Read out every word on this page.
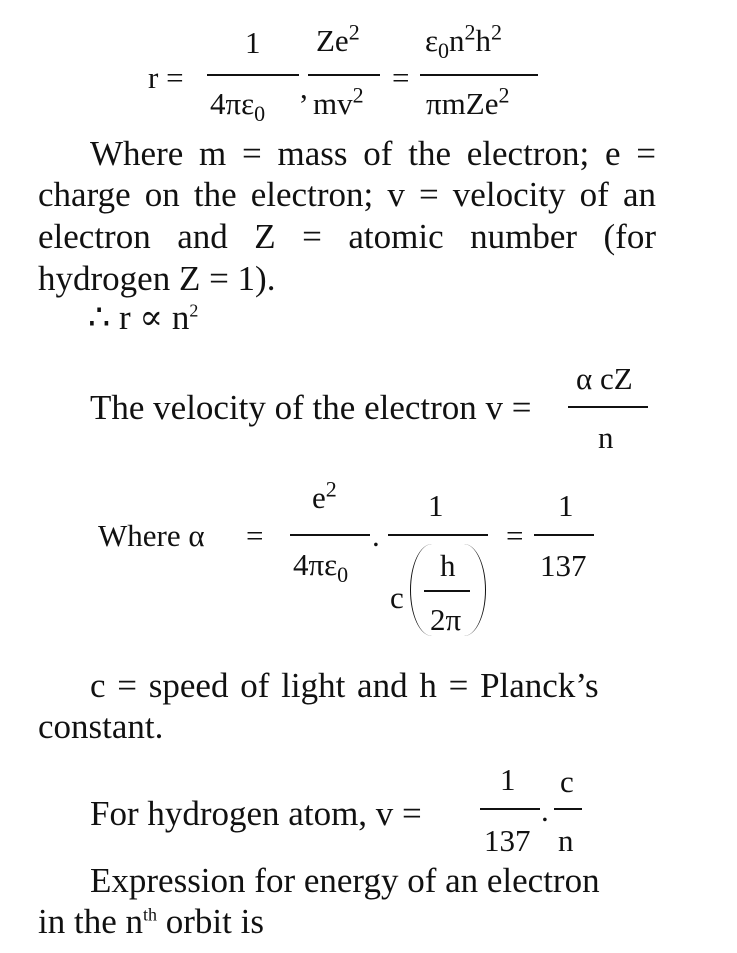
r =
1
$4\pi\varepsilon_0$
,
Ze$^2$
$mv^2$
=
$\varepsilon_0n^2h^2$
πmZe$^2$
Where m = mass of the electron; e =
charge on the electron; v = velocity of an
electron and Z = atomic number (for
hydrogen Z = 1).
∴ $r \propto n^2$
The velocity of the electron v =
α cZ
n
Where α =
$e^2$
$4\pi\varepsilon_0$
.
1
c
h
2π
=
1
137
c = speed of light and h = Planck’s
constant.
For hydrogen atom, v =
1
137
.
c
n
Expression for energy of an electron
in the $n^{th}$ orbit is
